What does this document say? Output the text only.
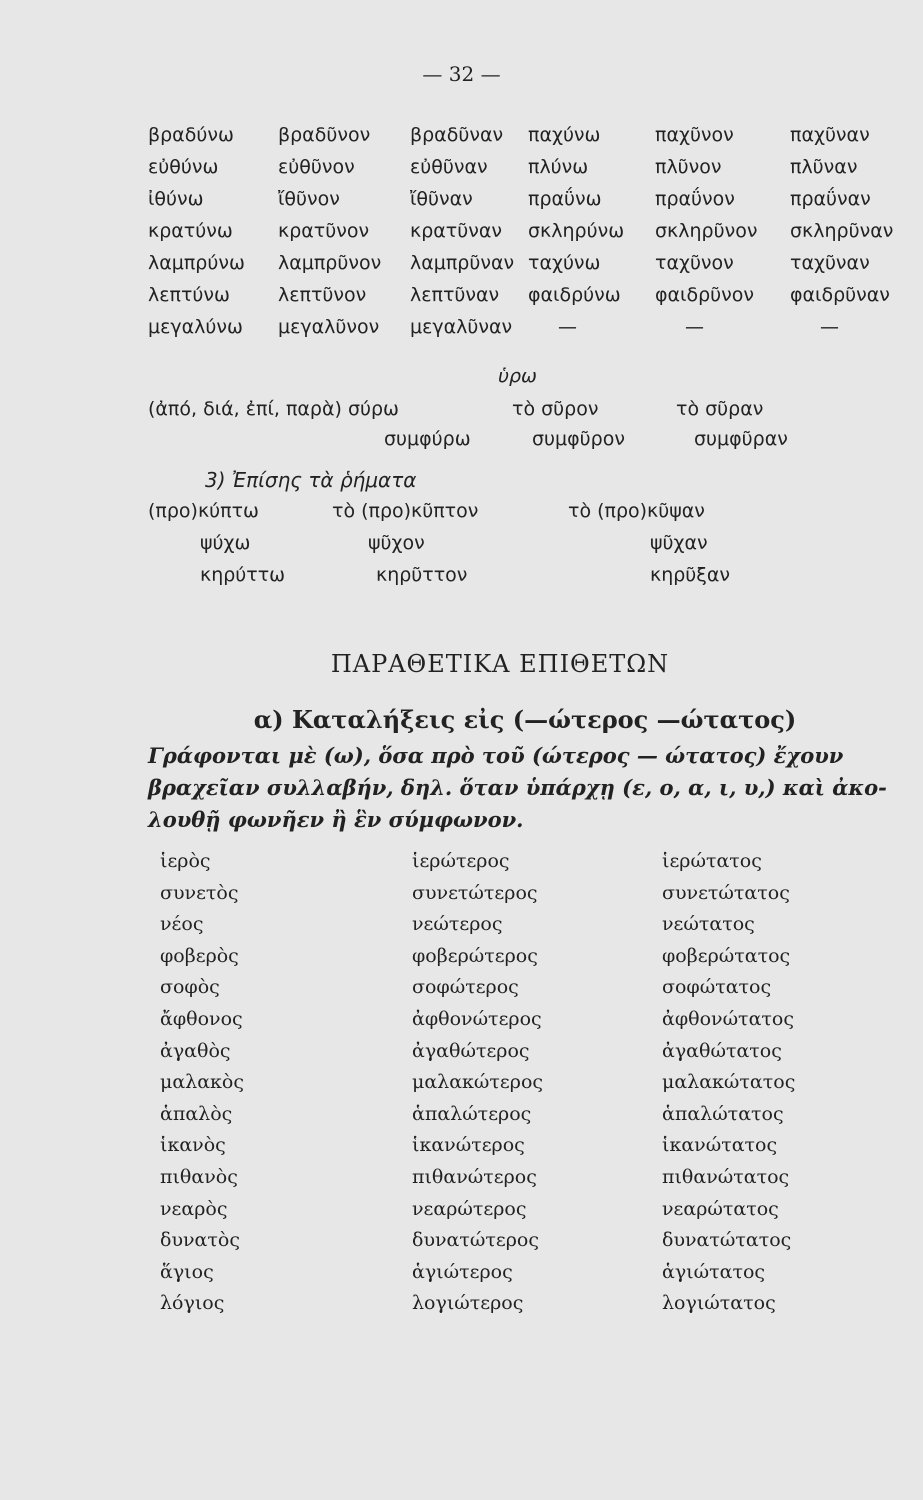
— 32 —
βραδύνω βραδῦνον βραδῦναν παχύνω	παχῦνον	παχῦναν
εὐθύνω	εὐθῦνον	εὐθῦναν πλύνω	πλῦνον	πλῦναν
ἰθύνω	ἴθῦνον	ἴθῦναν	πραΰνω	πραΰνον	πραΰναν
κρατύνω κρατῦνον κρατῦναν σκληρύνω σκληρῦνον σκληρῦναν
λαμπρύνω λαμπρῦνον λαμπρῦναν ταχύνω	ταχῦνον	ταχῦναν
λεπτύνω	λεπτῦνον λεπτῦναν φαιδρύνω φαιδρῦνον φαιδρῦναν
μεγαλύνω μεγαλῦνον μεγαλῦναν —	—	—
ὑρω
(ἀπό, διά, ἐπί, παρὰ) σύρω	τὸ σῦρον	τὸ σῦραν
συμφύρω	συμφῦρον	συμφῦραν
3) Ἐπίσης τὰ ῥήματα
(προ)κύπτω	τὸ (προ)κῦπτον	τὸ (προ)κῦψαν
ψύχω	ψῦχον	ψῦχαν
κηρύττω	κηρῦττον	κηρῦξαν
ΠΑΡΑΘΕΤΙΚΑ ΕΠΙΘΕΤΩΝ
α) Καταλήξεις εἰς (—ώτερος —ώτατος)
Γράφονται μὲ (ω), ὅσα πρὸ τοῦ (ώτερος — ώτατος) ἔχουν
βραχεῖαν συλλαβήν, δηλ. ὅταν ὑπάρχῃ (ε, ο, α, ι, υ,) καὶ ἀκο-
λουθῇ φωνῆεν ἢ ἓν σύμφωνον.
ἱερὸς	ἱερώτερος	ἱερώτατος
συνετὸς	συνετώτερος	συνετώτατος
νέος	νεώτερος	νεώτατος
φοβερὸς	φοβερώτερος	φοβερώτατος
σοφὸς	σοφώτερος	σοφώτατος
ἄφθονος	ἀφθονώτερος	ἀφθονώτατος
ἀγαθὸς	ἀγαθώτερος	ἀγαθώτατος
μαλακὸς	μαλακώτερος	μαλακώτατος
ἁπαλὸς	ἁπαλώτερος	ἁπαλώτατος
ἱκανὸς	ἱκανώτερος	ἱκανώτατος
πιθανὸς	πιθανώτερος	πιθανώτατος
νεαρὸς	νεαρώτερος	νεαρώτατος
δυνατὸς	δυνατώτερος	δυνατώτατος
ἅγιος	ἁγιώτερος	ἁγιώτατος
λόγιος	λογιώτερος	λογιώτατος
